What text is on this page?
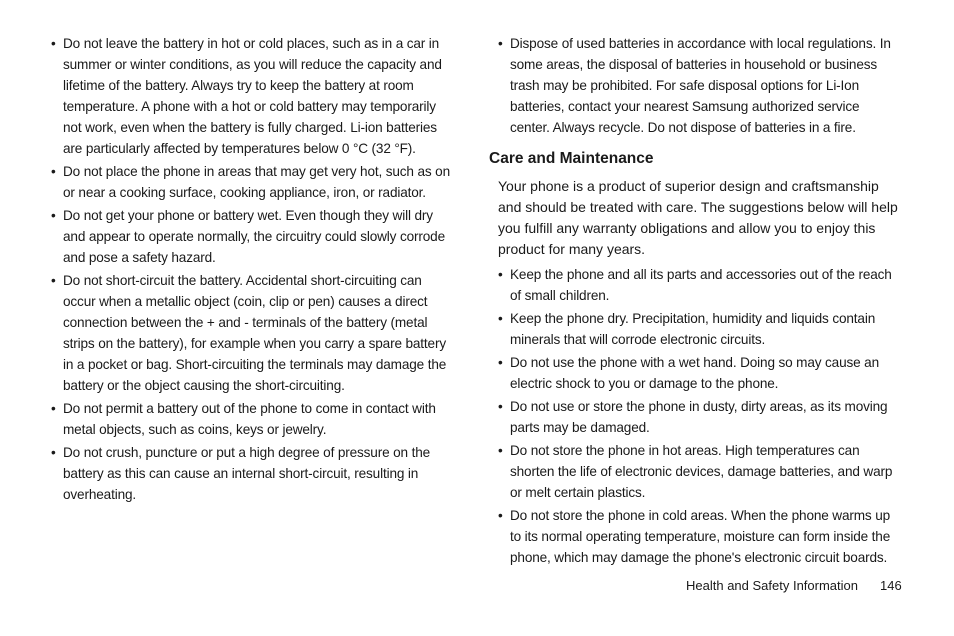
• Do not leave the battery in hot or cold places, such as in a car in summer or winter conditions, as you will reduce the capacity and lifetime of the battery. Always try to keep the battery at room temperature. A phone with a hot or cold battery may temporarily not work, even when the battery is fully charged. Li-ion batteries are particularly affected by temperatures below 0 °C (32 °F).
• Do not place the phone in areas that may get very hot, such as on or near a cooking surface, cooking appliance, iron, or radiator.
• Do not get your phone or battery wet. Even though they will dry and appear to operate normally, the circuitry could slowly corrode and pose a safety hazard.
• Do not short-circuit the battery. Accidental short-circuiting can occur when a metallic object (coin, clip or pen) causes a direct connection between the + and - terminals of the battery (metal strips on the battery), for example when you carry a spare battery in a pocket or bag. Short-circuiting the terminals may damage the battery or the object causing the short-circuiting.
• Do not permit a battery out of the phone to come in contact with metal objects, such as coins, keys or jewelry.
• Do not crush, puncture or put a high degree of pressure on the battery as this can cause an internal short-circuit, resulting in overheating.
• Dispose of used batteries in accordance with local regulations. In some areas, the disposal of batteries in household or business trash may be prohibited. For safe disposal options for Li-Ion batteries, contact your nearest Samsung authorized service center. Always recycle. Do not dispose of batteries in a fire.
Care and Maintenance

Your phone is a product of superior design and craftsmanship and should be treated with care. The suggestions below will help you fulfill any warranty obligations and allow you to enjoy this product for many years.

• Keep the phone and all its parts and accessories out of the reach of small children.
• Keep the phone dry. Precipitation, humidity and liquids contain minerals that will corrode electronic circuits.
• Do not use the phone with a wet hand. Doing so may cause an electric shock to you or damage to the phone.
• Do not use or store the phone in dusty, dirty areas, as its moving parts may be damaged.
• Do not store the phone in hot areas. High temperatures can shorten the life of electronic devices, damage batteries, and warp or melt certain plastics.
• Do not store the phone in cold areas. When the phone warms up to its normal operating temperature, moisture can form inside the phone, which may damage the phone's electronic circuit boards.
Health and Safety Information 146
